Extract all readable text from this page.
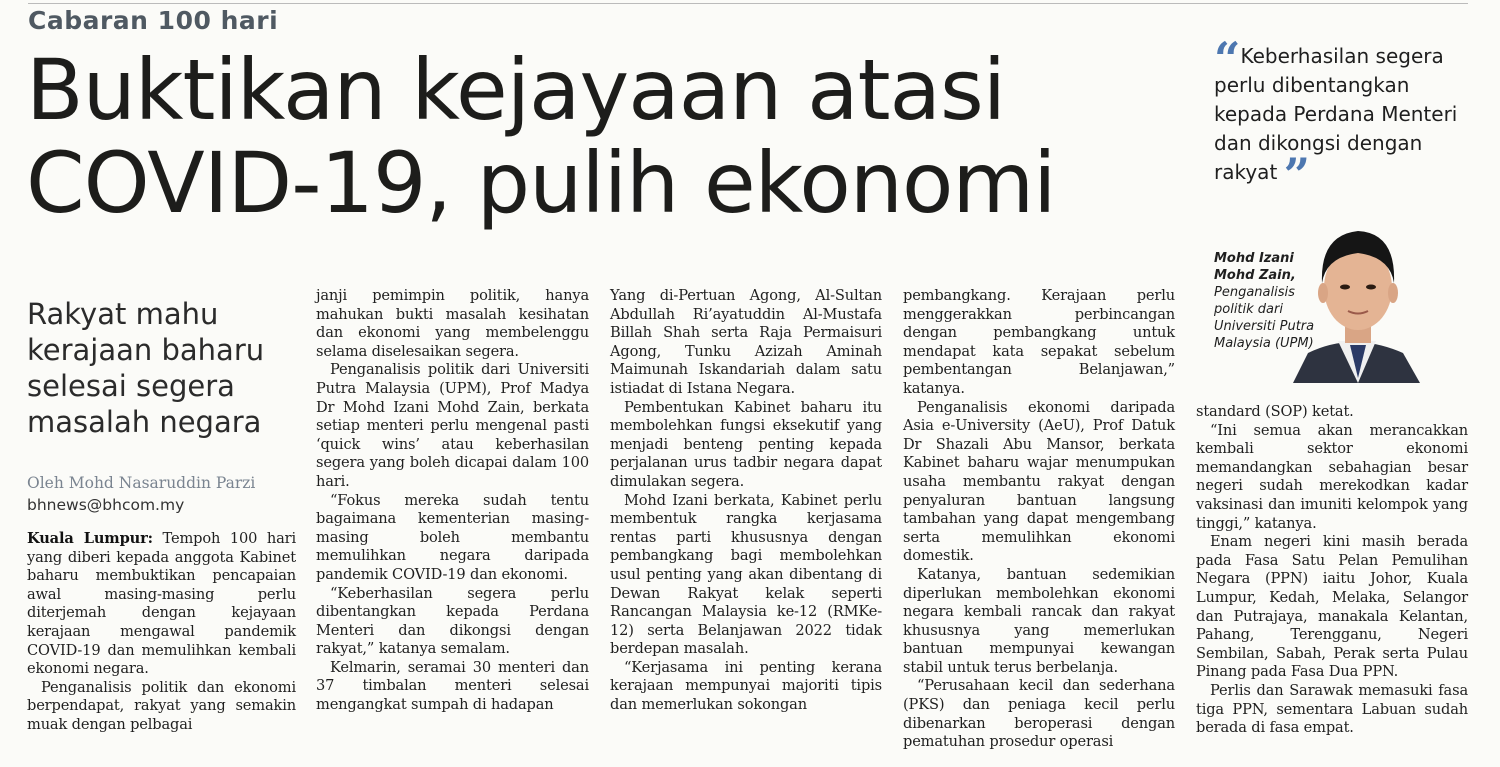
Cabaran 100 hari
Buktikan kejayaan atasi
COVID-19, pulih ekonomi
“Keberhasilan segera perlu dibentangkan kepada Perdana Menteri dan dikongsi dengan rakyat ”
Mohd Izani Mohd Zain,
Penganalisis politik dari Universiti Putra Malaysia (UPM)
Rakyat mahu kerajaan baharu selesai segera masalah negara
Oleh Mohd Nasaruddin Parzi
bhnews@bhcom.my

Kuala Lumpur: Tempoh 100 hari yang diberi kepada anggota Kabinet baharu membuktikan pencapaian awal masing-masing perlu diterjemah dengan kejayaan kerajaan mengawal pandemik COVID-19 dan memulihkan kembali ekonomi negara.

Penganalisis politik dan ekonomi berpendapat, rakyat yang semakin muak dengan pelbagai

janji pemimpin politik, hanya mahukan bukti masalah kesihatan dan ekonomi yang membelenggu selama diselesaikan segera.

Penganalisis politik dari Universiti Putra Malaysia (UPM), Prof Madya Dr Mohd Izani Mohd Zain, berkata setiap menteri perlu mengenal pasti ‘quick wins’ atau keberhasilan segera yang boleh dicapai dalam 100 hari.

“Fokus mereka sudah tentu bagaimana kementerian masing-masing boleh membantu memulihkan negara daripada pandemik COVID-19 dan ekonomi.

“Keberhasilan segera perlu dibentangkan kepada Perdana Menteri dan dikongsi dengan rakyat,” katanya semalam.

Kelmarin, seramai 30 menteri dan 37 timbalan menteri selesai mengangkat sumpah di hadapan

Yang di-Pertuan Agong, Al-Sultan Abdullah Ri’ayatuddin Al-Mustafa Billah Shah serta Raja Permaisuri Agong, Tunku Azizah Aminah Maimunah Iskandariah dalam satu istiadat di Istana Negara.

Pembentukan Kabinet baharu itu membolehkan fungsi eksekutif yang menjadi benteng penting kepada perjalanan urus tadbir negara dapat dimulakan segera.

Mohd Izani berkata, Kabinet perlu membentuk rangka kerjasama rentas parti khususnya dengan pembangkang bagi membolehkan usul penting yang akan dibentang di Dewan Rakyat kelak seperti Rancangan Malaysia ke-12 (RMKe-12) serta Belanjawan 2022 tidak berdepan masalah.

“Kerjasama ini penting kerana kerajaan mempunyai majoriti tipis dan memerlukan sokongan

pembangkang. Kerajaan perlu menggerakkan perbincangan dengan pembangkang untuk mendapat kata sepakat sebelum pembentangan Belanjawan,” katanya.

Penganalisis ekonomi daripada Asia e-University (AeU), Prof Datuk Dr Shazali Abu Mansor, berkata Kabinet baharu wajar menumpukan usaha membantu rakyat dengan penyaluran bantuan langsung tambahan yang dapat mengembang serta memulihkan ekonomi domestik.

Katanya, bantuan sedemikian diperlukan membolehkan ekonomi negara kembali rancak dan rakyat khususnya yang memerlukan bantuan mempunyai kewangan stabil untuk terus berbelanja.

“Perusahaan kecil dan sederhana (PKS) dan peniaga kecil perlu dibenarkan beroperasi dengan pematuhan prosedur operasi

standard (SOP) ketat.

“Ini semua akan merancakkan kembali sektor ekonomi memandangkan sebahagian besar negeri sudah merekodkan kadar vaksinasi dan imuniti kelompok yang tinggi,” katanya.

Enam negeri kini masih berada pada Fasa Satu Pelan Pemulihan Negara (PPN) iaitu Johor, Kuala Lumpur, Kedah, Melaka, Selangor dan Putrajaya, manakala Kelantan, Pahang, Terengganu, Negeri Sembilan, Sabah, Perak serta Pulau Pinang pada Fasa Dua PPN.

Perlis dan Sarawak memasuki fasa tiga PPN, sementara Labuan sudah berada di fasa empat.
